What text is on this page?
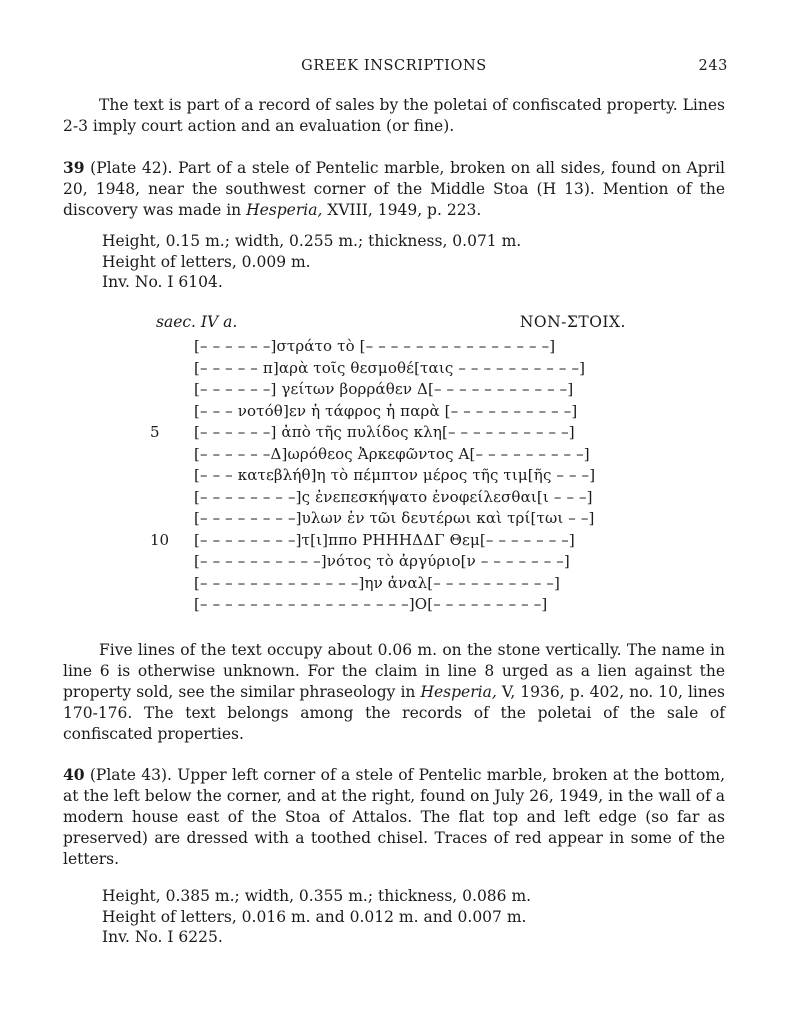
GREEK INSCRIPTIONS	243
The text is part of a record of sales by the poletai of confiscated property. Lines 2-3 imply court action and an evaluation (or fine).
39 (Plate 42). Part of a stele of Pentelic marble, broken on all sides, found on April 20, 1948, near the southwest corner of the Middle Stoa (H 13). Mention of the discovery was made in Hesperia, XVIII, 1949, p. 223.
Height, 0.15 m.; width, 0.255 m.; thickness, 0.071 m.
Height of letters, 0.009 m.
Inv. No. I 6104.
saec. IV a.	NON-ΣΤΟΙΧ.
[– – – – – –]στράτο τὸ [– – – – – – – – – – – – – – –]
[– – – – – π]αρὰ τοῖς θεσμοθέ[ταις – – – – – – – – – –]
[– – – – – –] γείτων βορράθεν Δ[– – – – – – – – – – –]
[– – – νοτόθ]εν ἡ τάφρος ἡ παρὰ [– – – – – – – – – –]
5	[– – – – – –] ἀπὸ τῆς πυλίδος κλη[– – – – – – – – – –]
[– – – – – –Δ]ωρόθεος Ἀρκεφῶντος Α[– – – – – – – – –]
[– – – κατεβλήθ]η τὸ πέμπτον μέρος τῆς τιμ[ῆς – – –]
[– – – – – – – –]ς ἐνεπεσκήψατο ἐνοφείλεσθαι[ι – – –]
[– – – – – – – –]υλων ἐν τῶι δευτέρωι καὶ τρί[τωι – –]
10	[– – – – – – – –]τ[ι]ππο ΡΗΗΗΔΔΓ Θεμ[– – – – – – –]
[– – – – – – – – – –]νότος τὸ ἀργύριο[ν – – – – – – –]
[– – – – – – – – – – – – –]ην ἀναλ[– – – – – – – – – –]
[– – – – – – – – – – – – – – – – –]Ο[– – – – – – – – –]
Five lines of the text occupy about 0.06 m. on the stone vertically. The name in line 6 is otherwise unknown. For the claim in line 8 urged as a lien against the property sold, see the similar phraseology in Hesperia, V, 1936, p. 402, no. 10, lines 170-176. The text belongs among the records of the poletai of the sale of confiscated properties.
40 (Plate 43). Upper left corner of a stele of Pentelic marble, broken at the bottom, at the left below the corner, and at the right, found on July 26, 1949, in the wall of a modern house east of the Stoa of Attalos. The flat top and left edge (so far as preserved) are dressed with a toothed chisel. Traces of red appear in some of the letters.
Height, 0.385 m.; width, 0.355 m.; thickness, 0.086 m.
Height of letters, 0.016 m. and 0.012 m. and 0.007 m.
Inv. No. I 6225.
